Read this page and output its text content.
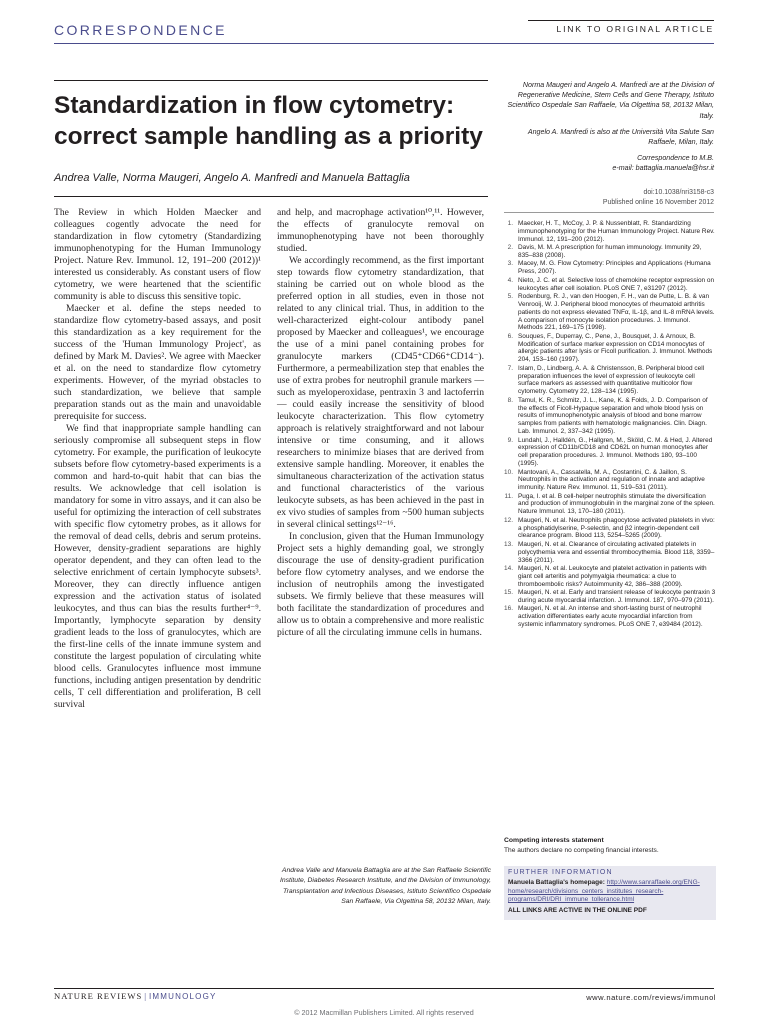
CORRESPONDENCE	LINK TO ORIGINAL ARTICLE
Standardization in flow cytometry: correct sample handling as a priority
Andrea Valle, Norma Maugeri, Angelo A. Manfredi and Manuela Battaglia

Norma Maugeri and Angelo A. Manfredi are at the Division of Regenerative Medicine, Stem Cells and Gene Therapy, Istituto Scientifico Ospedale San Raffaele, Via Olgettina 58, 20132 Milan, Italy.

Angelo A. Manfredi is also at the Università Vita Salute San Raffaele, Milan, Italy.

Correspondence to M.B.
e-mail: battaglia.manuela@hsr.it

doi:10.1038/nri3158-c3
Published online 16 November 2012

The Review in which Holden Maecker and colleagues cogently advocate the need for standardization in flow cytometry (Standardizing immunophenotyping for the Human Immunology Project. Nature Rev. Immunol. 12, 191–200 (2012))¹ interested us considerably. As constant users of flow cytometry, we were heartened that the scientific community is able to discuss this sensitive topic.

Maecker et al. define the steps needed to standardize flow cytometry-based assays, and posit this standardization as a key requirement for the success of the 'Human Immunology Project', as defined by Mark M. Davies². We agree with Maecker et al. on the need to standardize flow cytometry experiments. However, of the myriad obstacles to such standardization, we believe that sample preparation stands out as the main and unavoidable prerequisite for success.

We find that inappropriate sample handling can seriously compromise all subsequent steps in flow cytometry. For example, the purification of leukocyte subsets before flow cytometry-based experiments is a common and hard-to-quit habit that can bias the results. We acknowledge that cell isolation is mandatory for some in vitro assays, and it can also be useful for optimizing the interaction of cell substrates with specific flow cytometry probes, as it allows for the removal of dead cells, debris and serum proteins. However, density-gradient separations are highly operator dependent, and they can often lead to the selective enrichment of certain lymphocyte subsets³. Moreover, they can directly influence antigen expression and the activation status of isolated leukocytes, and thus can bias the results further⁴⁻⁹. Importantly, lymphocyte separation by density gradient leads to the loss of granulocytes, which are the first-line cells of the innate immune system and constitute the largest population of circulating white blood cells. Granulocytes influence most immune functions, including antigen presentation by dendritic cells, T cell differentiation and proliferation, B cell survival

and help, and macrophage activation¹⁰,¹¹. However, the effects of granulocyte removal on immunophenotyping have not been thoroughly studied.

We accordingly recommend, as the first important step towards flow cytometry standardization, that staining be carried out on whole blood as the preferred option in all studies, even in those not related to any clinical trial. Thus, in addition to the well-characterized eight-colour antibody panel proposed by Maecker and colleagues¹, we encourage the use of a mini panel containing probes for granulocyte markers (CD45⁺CD66⁺CD14⁻). Furthermore, a permeabilization step that enables the use of extra probes for neutrophil granule markers — such as myeloperoxidase, pentraxin 3 and lactoferrin — could easily increase the sensitivity of blood leukocyte characterization. This flow cytometry approach is relatively straightforward and not labour intensive or time consuming, and it allows researchers to minimize biases that are derived from extensive sample handling. Moreover, it enables the simultaneous characterization of the activation status and functional characteristics of the various leukocyte subsets, as has been achieved in the past in ex vivo studies of samples from ~500 human subjects in several clinical settings¹²⁻¹⁶.

In conclusion, given that the Human Immunology Project sets a highly demanding goal, we strongly discourage the use of density-gradient purification before flow cytometry analyses, and we endorse the inclusion of neutrophils among the investigated subsets. We firmly believe that these measures will both facilitate the standardization of procedures and allow us to obtain a comprehensive and more realistic picture of all the circulating immune cells in humans.

Andrea Valle and Manuela Battaglia are at the San Raffaele Scientific Institute, Diabetes Research Institute, and the Division of Immunology, Transplantation and Infectious Diseases, Istituto Scientifico Ospedale San Raffaele, Via Olgettina 58, 20132 Milan, Italy.
1. Maecker, H. T., McCoy, J. P. & Nussenblatt, R. Standardizing immunophenotyping for the Human Immunology Project. Nature Rev. Immunol. 12, 191–200 (2012).
2. Davis, M. M. A prescription for human immunology. Immunity 29, 835–838 (2008).
3. Macey, M. G. Flow Cytometry: Principles and Applications (Humana Press, 2007).
4. Nieto, J. C. et al. Selective loss of chemokine receptor expression on leukocytes after cell isolation. PLoS ONE 7, e31297 (2012).
5. Rodenburg, R. J., van den Hoogen, F. H., van de Putte, L. B. & van Venrooij, W. J. Peripheral blood monocytes of rheumatoid arthritis patients do not express elevated TNFα, IL-1β, and IL-8 mRNA levels. A comparison of monocyte isolation procedures. J. Immunol. Methods 221, 169–175 (1998).
6. Souques, F., Duperray, C., Pene, J., Bousquet, J. & Arnoux, B. Modification of surface marker expression on CD14 monocytes of allergic patients after lysis or Ficoll purification. J. Immunol. Methods 204, 153–160 (1997).
7. Islam, D., Lindberg, A. A. & Christensson, B. Peripheral blood cell preparation influences the level of expression of leukocyte cell surface markers as assessed with quantitative multicolor flow cytometry. Cytometry 22, 128–134 (1995).
8. Tamul, K. R., Schmitz, J. L., Kane, K. & Folds, J. D. Comparison of the effects of Ficoll-Hypaque separation and whole blood lysis on results of immunophenotypic analysis of blood and bone marrow samples from patients with hematologic malignancies. Clin. Diagn. Lab. Immunol. 2, 337–342 (1995).
9. Lundahl, J., Halldén, G., Hallgren, M., Sköld, C. M. & Hed, J. Altered expression of CD11b/CD18 and CD62L on human monocytes after cell preparation procedures. J. Immunol. Methods 180, 93–100 (1995).
10. Mantovani, A., Cassatella, M. A., Costantini, C. & Jaillon, S. Neutrophils in the activation and regulation of innate and adaptive immunity. Nature Rev. Immunol. 11, 519–531 (2011).
11. Puga, I. et al. B cell-helper neutrophils stimulate the diversification and production of immunoglobulin in the marginal zone of the spleen. Nature Immunol. 13, 170–180 (2011).
12. Maugeri, N. et al. Neutrophils phagocytose activated platelets in vivo: a phosphatidylserine, P-selectin, and β2 integrin-dependent cell clearance program. Blood 113, 5254–5265 (2009).
13. Maugeri, N. et al. Clearance of circulating activated platelets in polycythemia vera and essential thrombocythemia. Blood 118, 3359–3366 (2011).
14. Maugeri, N. et al. Leukocyte and platelet activation in patients with giant cell arteritis and polymyalgia rheumatica: a clue to thromboembolic risks? Autoimmunity 42, 386–388 (2009).
15. Maugeri, N. et al. Early and transient release of leukocyte pentraxin 3 during acute myocardial infarction. J. Immunol. 187, 970–979 (2011).
16. Maugeri, N. et al. An intense and short-lasting burst of neutrophil activation differentiates early acute myocardial infarction from systemic inflammatory syndromes. PLoS ONE 7, e39484 (2012).
Competing interests statement
The authors declare no competing financial interests.
FURTHER INFORMATION
Manuela Battaglia's homepage: http://www.sanraffaele.org/ENG-home/research/divisions_centers_institutes_research-programs/DRI/DRI_immune_tollerance.html
ALL LINKS ARE ACTIVE IN THE ONLINE PDF
NATURE REVIEWS | IMMUNOLOGY	www.nature.com/reviews/immunol
© 2012 Macmillan Publishers Limited. All rights reserved
